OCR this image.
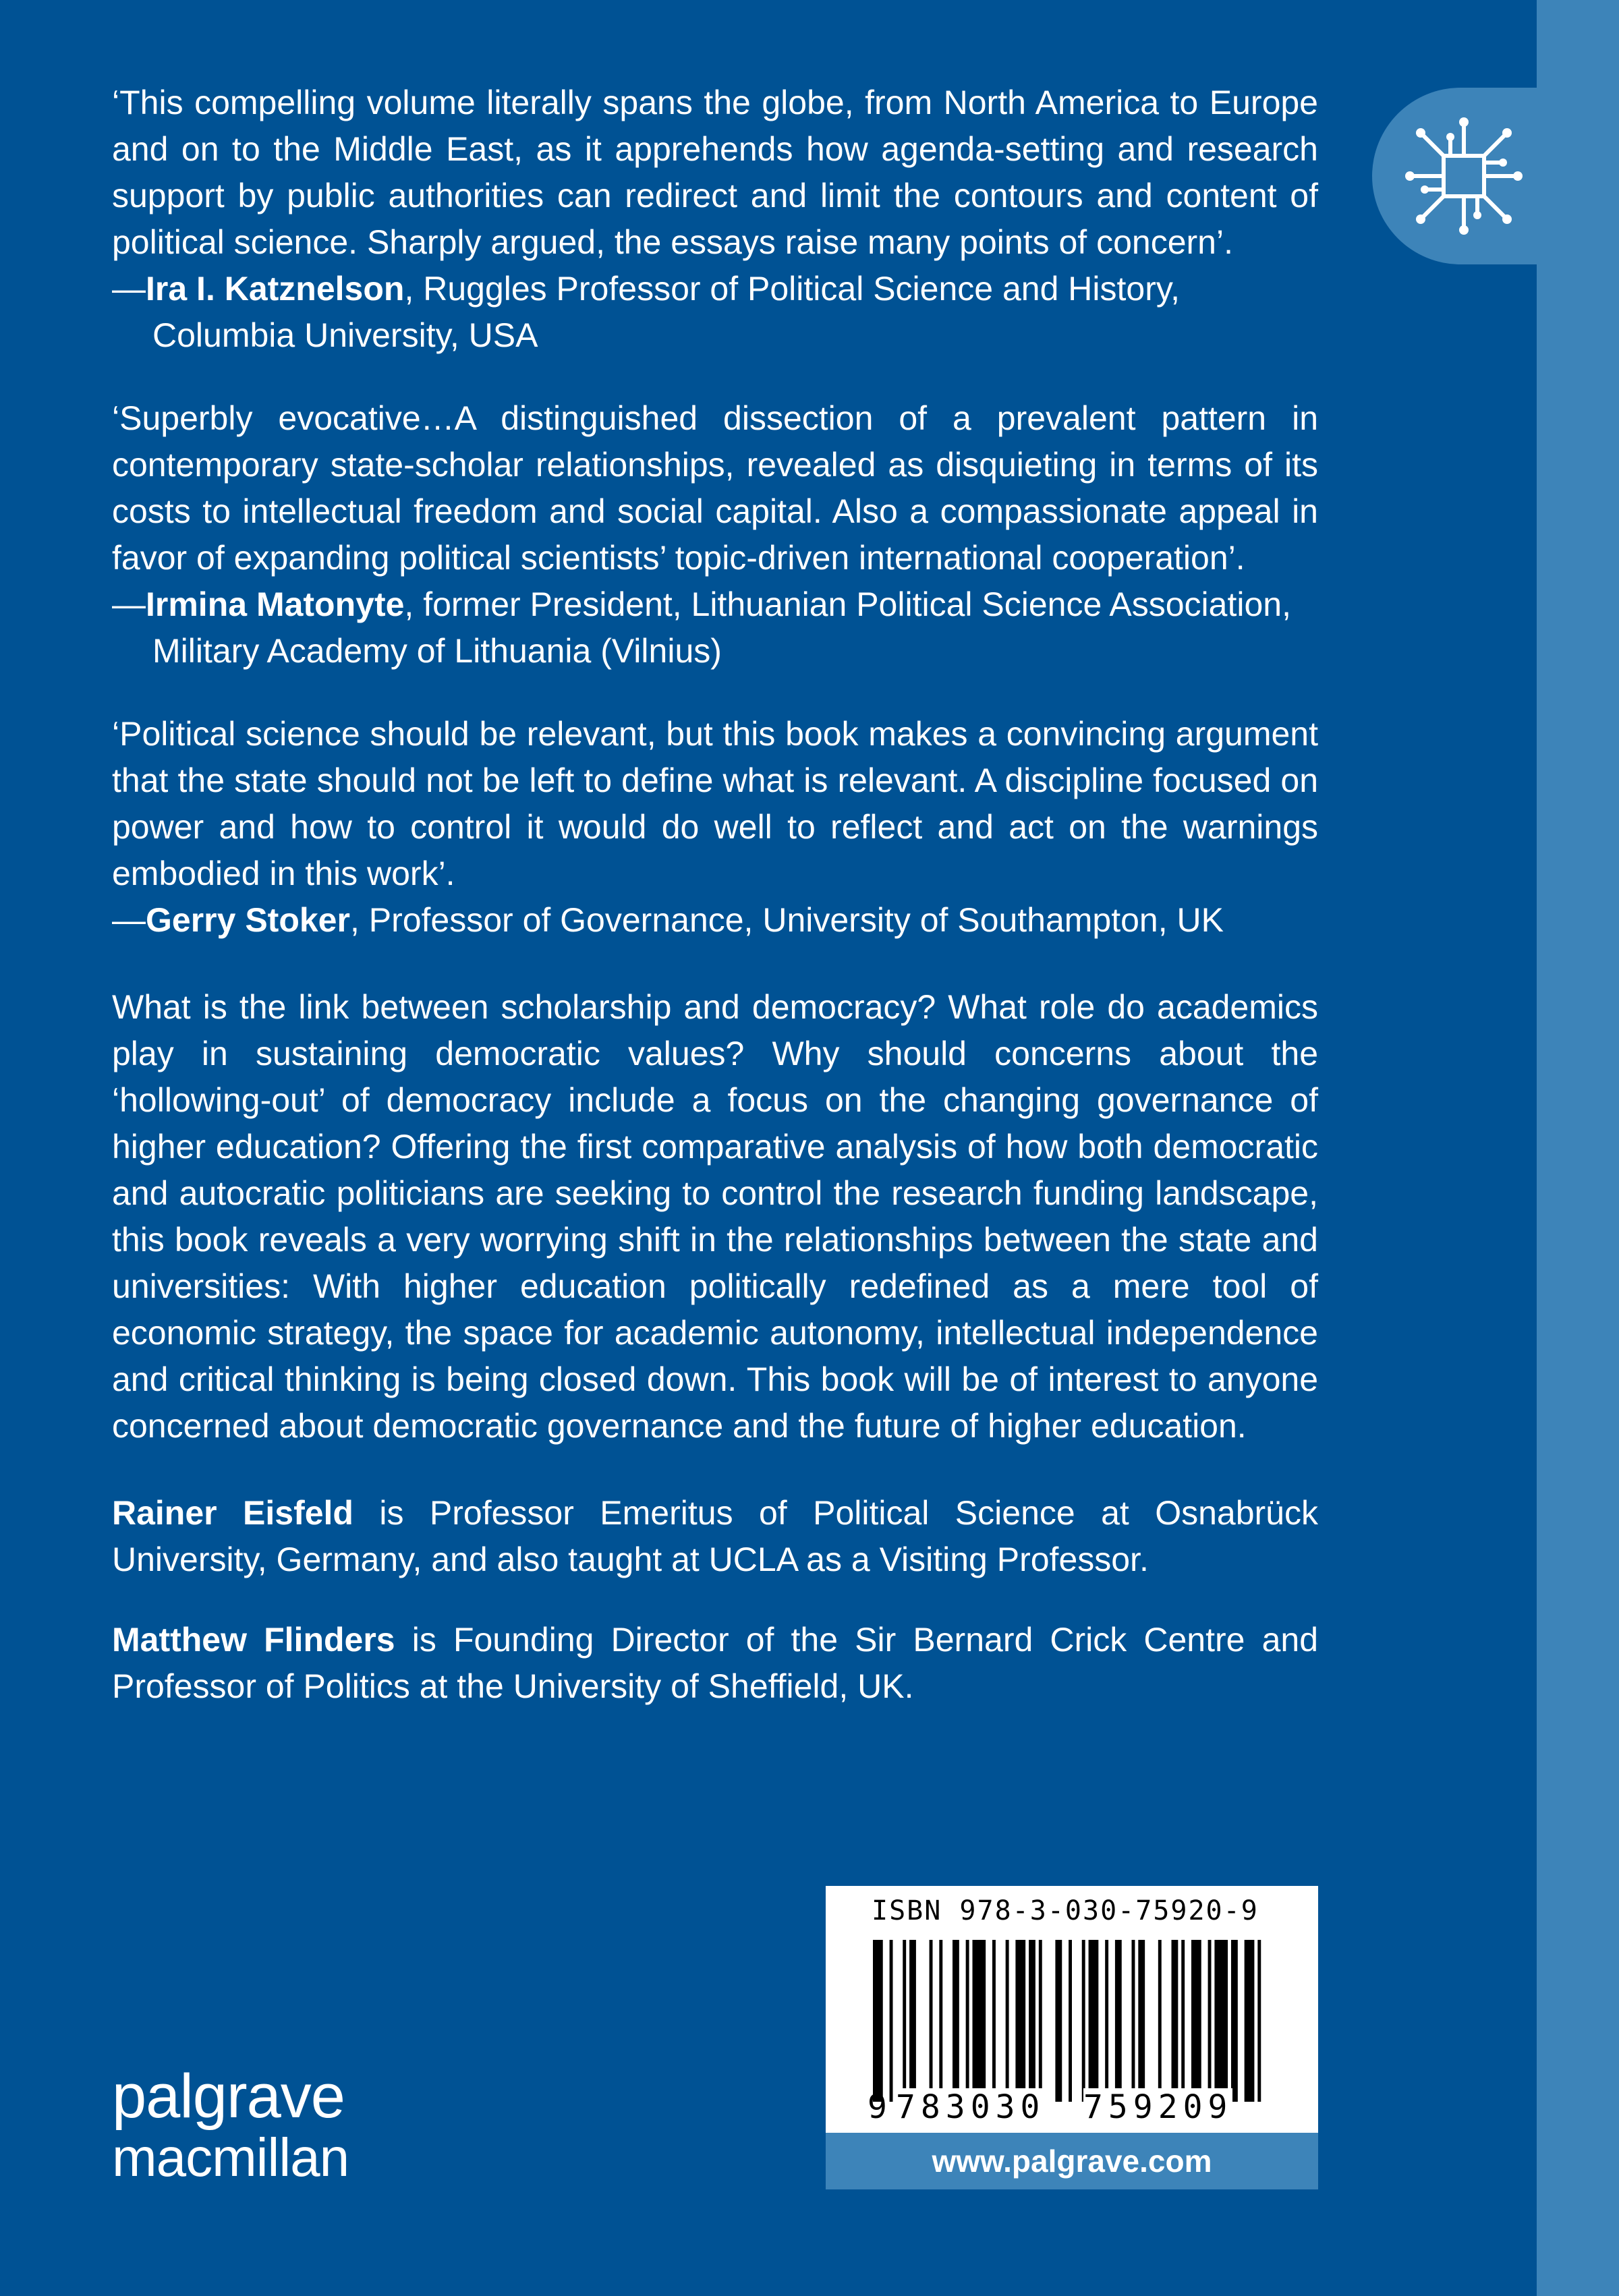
‘This compelling volume literally spans the globe, from North America to Europe and on to the Middle East, as it apprehends how agenda-setting and research support by public authorities can redirect and limit the contours and content of political science. Sharply argued, the essays raise many points of concern’.

—Ira I. Katznelson, Ruggles Professor of Political Science and History,
Columbia University, USA

‘Superbly evocative…A distinguished dissection of a prevalent pattern in contemporary state-scholar relationships, revealed as disquieting in terms of its costs to intellectual freedom and social capital. Also a compassionate appeal in favor of expanding political scientists’ topic-driven international cooperation’.

—Irmina Matonyte, former President, Lithuanian Political Science Association,
Military Academy of Lithuania (Vilnius)

‘Political science should be relevant, but this book makes a convincing argument that the state should not be left to define what is relevant. A discipline focused on power and how to control it would do well to reflect and act on the warnings embodied in this work’.

—Gerry Stoker, Professor of Governance, University of Southampton, UK

What is the link between scholarship and democracy? What role do academics play in sustaining democratic values? Why should concerns about the ‘hollowing-out’ of democracy include a focus on the changing governance of higher education? Offering the first comparative analysis of how both democratic and autocratic politicians are seeking to control the research funding landscape, this book reveals a very worrying shift in the relationships between the state and universities: With higher education politically redefined as a mere tool of economic strategy, the space for academic autonomy, intellectual independence and critical thinking is being closed down. This book will be of interest to anyone concerned about democratic governance and the future of higher education.

Rainer Eisfeld is Professor Emeritus of Political Science at Osnabrück University, Germany, and also taught at UCLA as a Visiting Professor.

Matthew Flinders is Founding Director of the Sir Bernard Crick Centre and Professor of Politics at the University of Sheffield, UK.

palgrave
macmillan
ISBN 978-3-030-75920-9
9 783030 759209
www.palgrave.com
